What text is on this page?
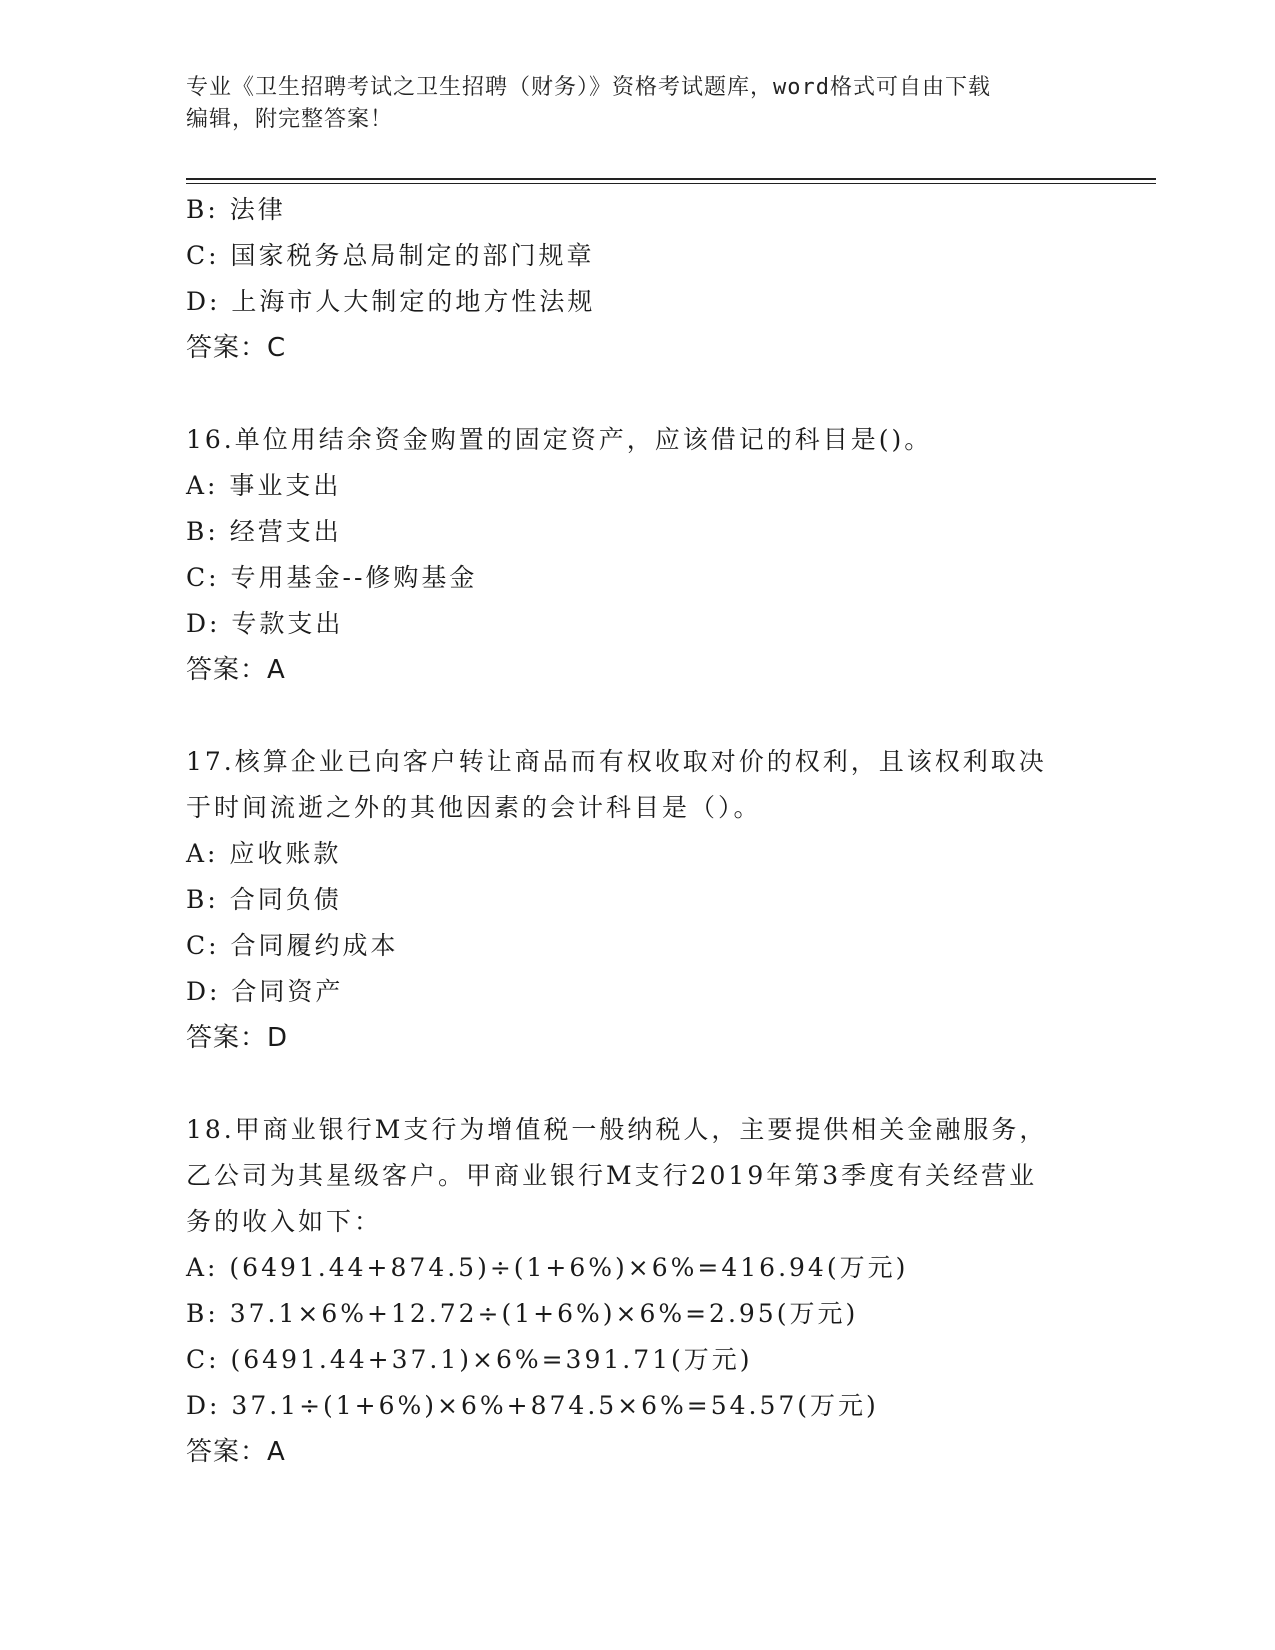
专业《卫生招聘考试之卫生招聘（财务）》资格考试题库，word格式可自由下载
编辑，附完整答案！
B: 法律
C: 国家税务总局制定的部门规章
D: 上海市人大制定的地方性法规
答案：C
16.单位用结余资金购置的固定资产，应该借记的科目是()。
A: 事业支出
B: 经营支出
C: 专用基金--修购基金
D: 专款支出
答案：A
17.核算企业已向客户转让商品而有权收取对价的权利，且该权利取决
于时间流逝之外的其他因素的会计科目是（）。
A: 应收账款
B: 合同负债
C: 合同履约成本
D: 合同资产
答案：D
18.甲商业银行M支行为增值税一般纳税人，主要提供相关金融服务，
乙公司为其星级客户。甲商业银行M支行2019年第3季度有关经营业
务的收入如下：
A: (6491.44+874.5)÷(1+6%)×6%=416.94(万元)
B: 37.1×6%+12.72÷(1+6%)×6%=2.95(万元)
C: (6491.44+37.1)×6%=391.71(万元)
D: 37.1÷(1+6%)×6%+874.5×6%=54.57(万元)
答案：A
